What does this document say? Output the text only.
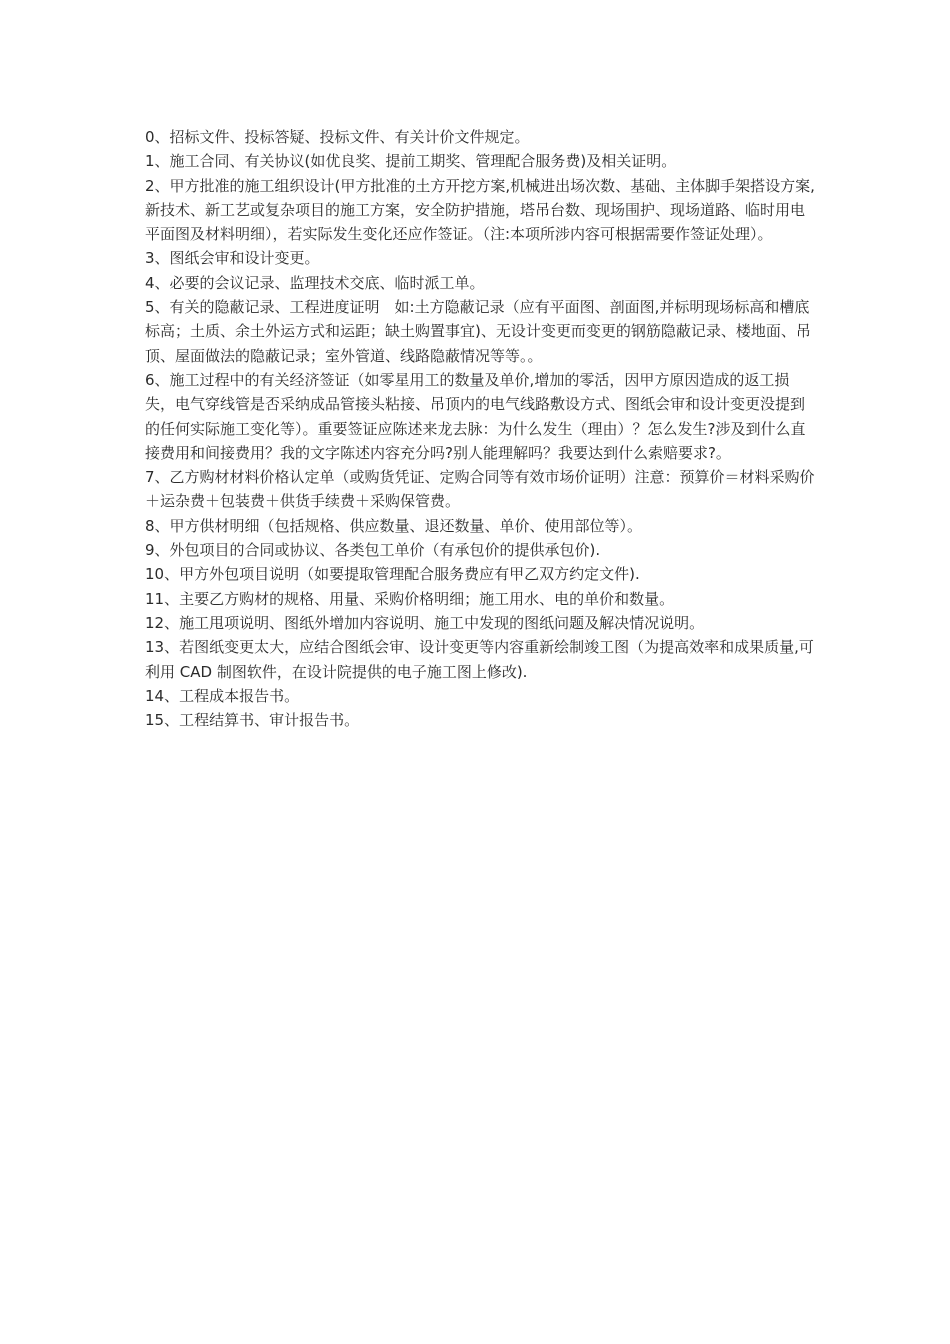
0、招标文件、投标答疑、投标文件、有关计价文件规定。

1、施工合同、有关协议(如优良奖、提前工期奖、管理配合服务费)及相关证明。

2、甲方批准的施工组织设计(甲方批准的土方开挖方案,机械进出场次数、基础、主体脚手架搭设方案,新技术、新工艺或复杂项目的施工方案，安全防护措施，塔吊台数、现场围护、现场道路、临时用电平面图及材料明细），若实际发生变化还应作签证。（注:本项所涉内容可根据需要作签证处理）。

3、图纸会审和设计变更。

4、必要的会议记录、监理技术交底、临时派工单。

5、有关的隐蔽记录、工程进度证明　如:土方隐蔽记录（应有平面图、剖面图,并标明现场标高和槽底标高；土质、余土外运方式和运距；缺土购置事宜)、无设计变更而变更的钢筋隐蔽记录、楼地面、吊顶、屋面做法的隐蔽记录；室外管道、线路隐蔽情况等等。。

6、施工过程中的有关经济签证（如零星用工的数量及单价,增加的零活，因甲方原因造成的返工损失，电气穿线管是否采纳成品管接头粘接、吊顶内的电气线路敷设方式、图纸会审和设计变更没提到的任何实际施工变化等）。重要签证应陈述来龙去脉：为什么发生（理由）？怎么发生?涉及到什么直接费用和间接费用？我的文字陈述内容充分吗?别人能理解吗？我要达到什么索赔要求?。

7、乙方购材材料价格认定单（或购货凭证、定购合同等有效市场价证明）注意：预算价＝材料采购价＋运杂费＋包装费＋供货手续费＋采购保管费。

8、甲方供材明细（包括规格、供应数量、退还数量、单价、使用部位等）。

9、外包项目的合同或协议、各类包工单价（有承包价的提供承包价).

10、甲方外包项目说明（如要提取管理配合服务费应有甲乙双方约定文件).

11、主要乙方购材的规格、用量、采购价格明细；施工用水、电的单价和数量。

12、施工甩项说明、图纸外增加内容说明、施工中发现的图纸问题及解决情况说明。

13、若图纸变更太大，应结合图纸会审、设计变更等内容重新绘制竣工图（为提高效率和成果质量,可利用 CAD 制图软件，在设计院提供的电子施工图上修改).

14、工程成本报告书。

15、工程结算书、审计报告书。
